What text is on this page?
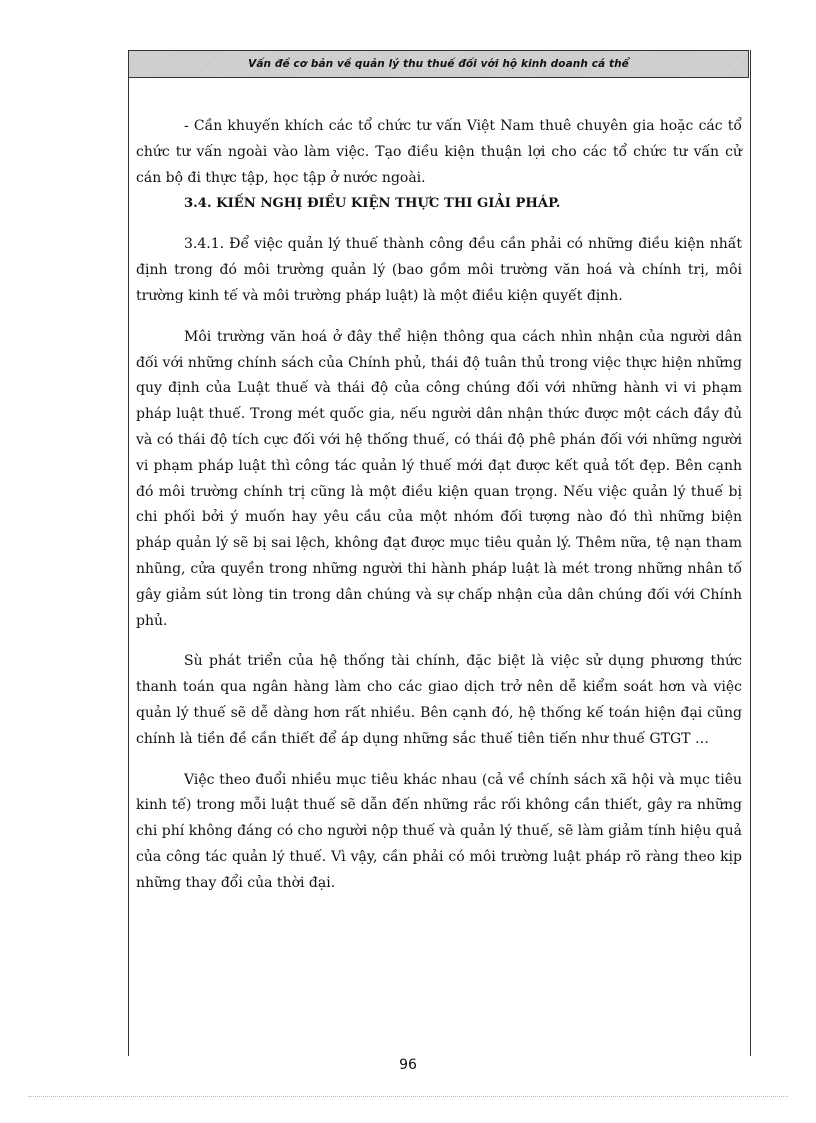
Vấn đề cơ bản về quản lý thu thuế đối với hộ kinh doanh cá thể

- Cần khuyến khích các tổ chức tư vấn Việt Nam thuê chuyên gia hoặc các tổ chức tư vấn ngoài vào làm việc. Tạo điều kiện thuận lợi cho các tổ chức tư vấn cử cán bộ đi thực tập, học tập ở nước ngoài.

3.4. KIẾN NGHỊ ĐIỀU KIỆN THỰC THI GIẢI PHÁP.

3.4.1. Để việc quản lý thuế thành công đều cần phải có những điều kiện nhất định trong đó môi trường quản lý (bao gồm môi trường văn hoá và chính trị, môi trường kinh tế và môi trường pháp luật) là một điều kiện quyết định.

Môi trường văn hoá ở đây thể hiện thông qua cách nhìn nhận của người dân đối với những chính sách của Chính phủ, thái độ tuân thủ trong việc thực hiện những quy định của Luật thuế và thái độ của công chúng đối với những hành vi vi phạm pháp luật thuế. Trong mét quốc gia, nếu người dân nhận thức được một cách đầy đủ và có thái độ tích cực đối với hệ thống thuế, có thái độ phê phán đối với những người vi phạm pháp luật thì công tác quản lý thuế mới đạt được kết quả tốt đẹp. Bên cạnh đó môi trường chính trị cũng là một điều kiện quan trọng. Nếu việc quản lý thuế bị chi phối bởi ý muốn hay yêu cầu của một nhóm đối tượng nào đó thì những biện pháp quản lý sẽ bị sai lệch, không đạt được mục tiêu quản lý. Thêm nữa, tệ nạn tham nhũng, cửa quyền trong những người thi hành pháp luật là mét trong những nhân tố gây giảm sút lòng tin trong dân chúng và sự chấp nhận của dân chúng đối với Chính phủ.

Sù phát triển của hệ thống tài chính, đặc biệt là việc sử dụng phương thức thanh toán qua ngân hàng làm cho các giao dịch trở nên dễ kiểm soát hơn và việc quản lý thuế sẽ dễ dàng hơn rất nhiều. Bên cạnh đó, hệ thống kế toán hiện đại cũng chính là tiền đề cần thiết để áp dụng những sắc thuế tiên tiến như thuế GTGT …

Việc theo đuổi nhiều mục tiêu khác nhau (cả về chính sách xã hội và mục tiêu kinh tế) trong mỗi luật thuế sẽ dẫn đến những rắc rối không cần thiết, gây ra những chi phí không đáng có cho người nộp thuế và quản lý thuế, sẽ làm giảm tính hiệu quả của công tác quản lý thuế. Vì vậy, cần phải có môi trường luật pháp rõ ràng theo kịp những thay đổi của thời đại.

96
